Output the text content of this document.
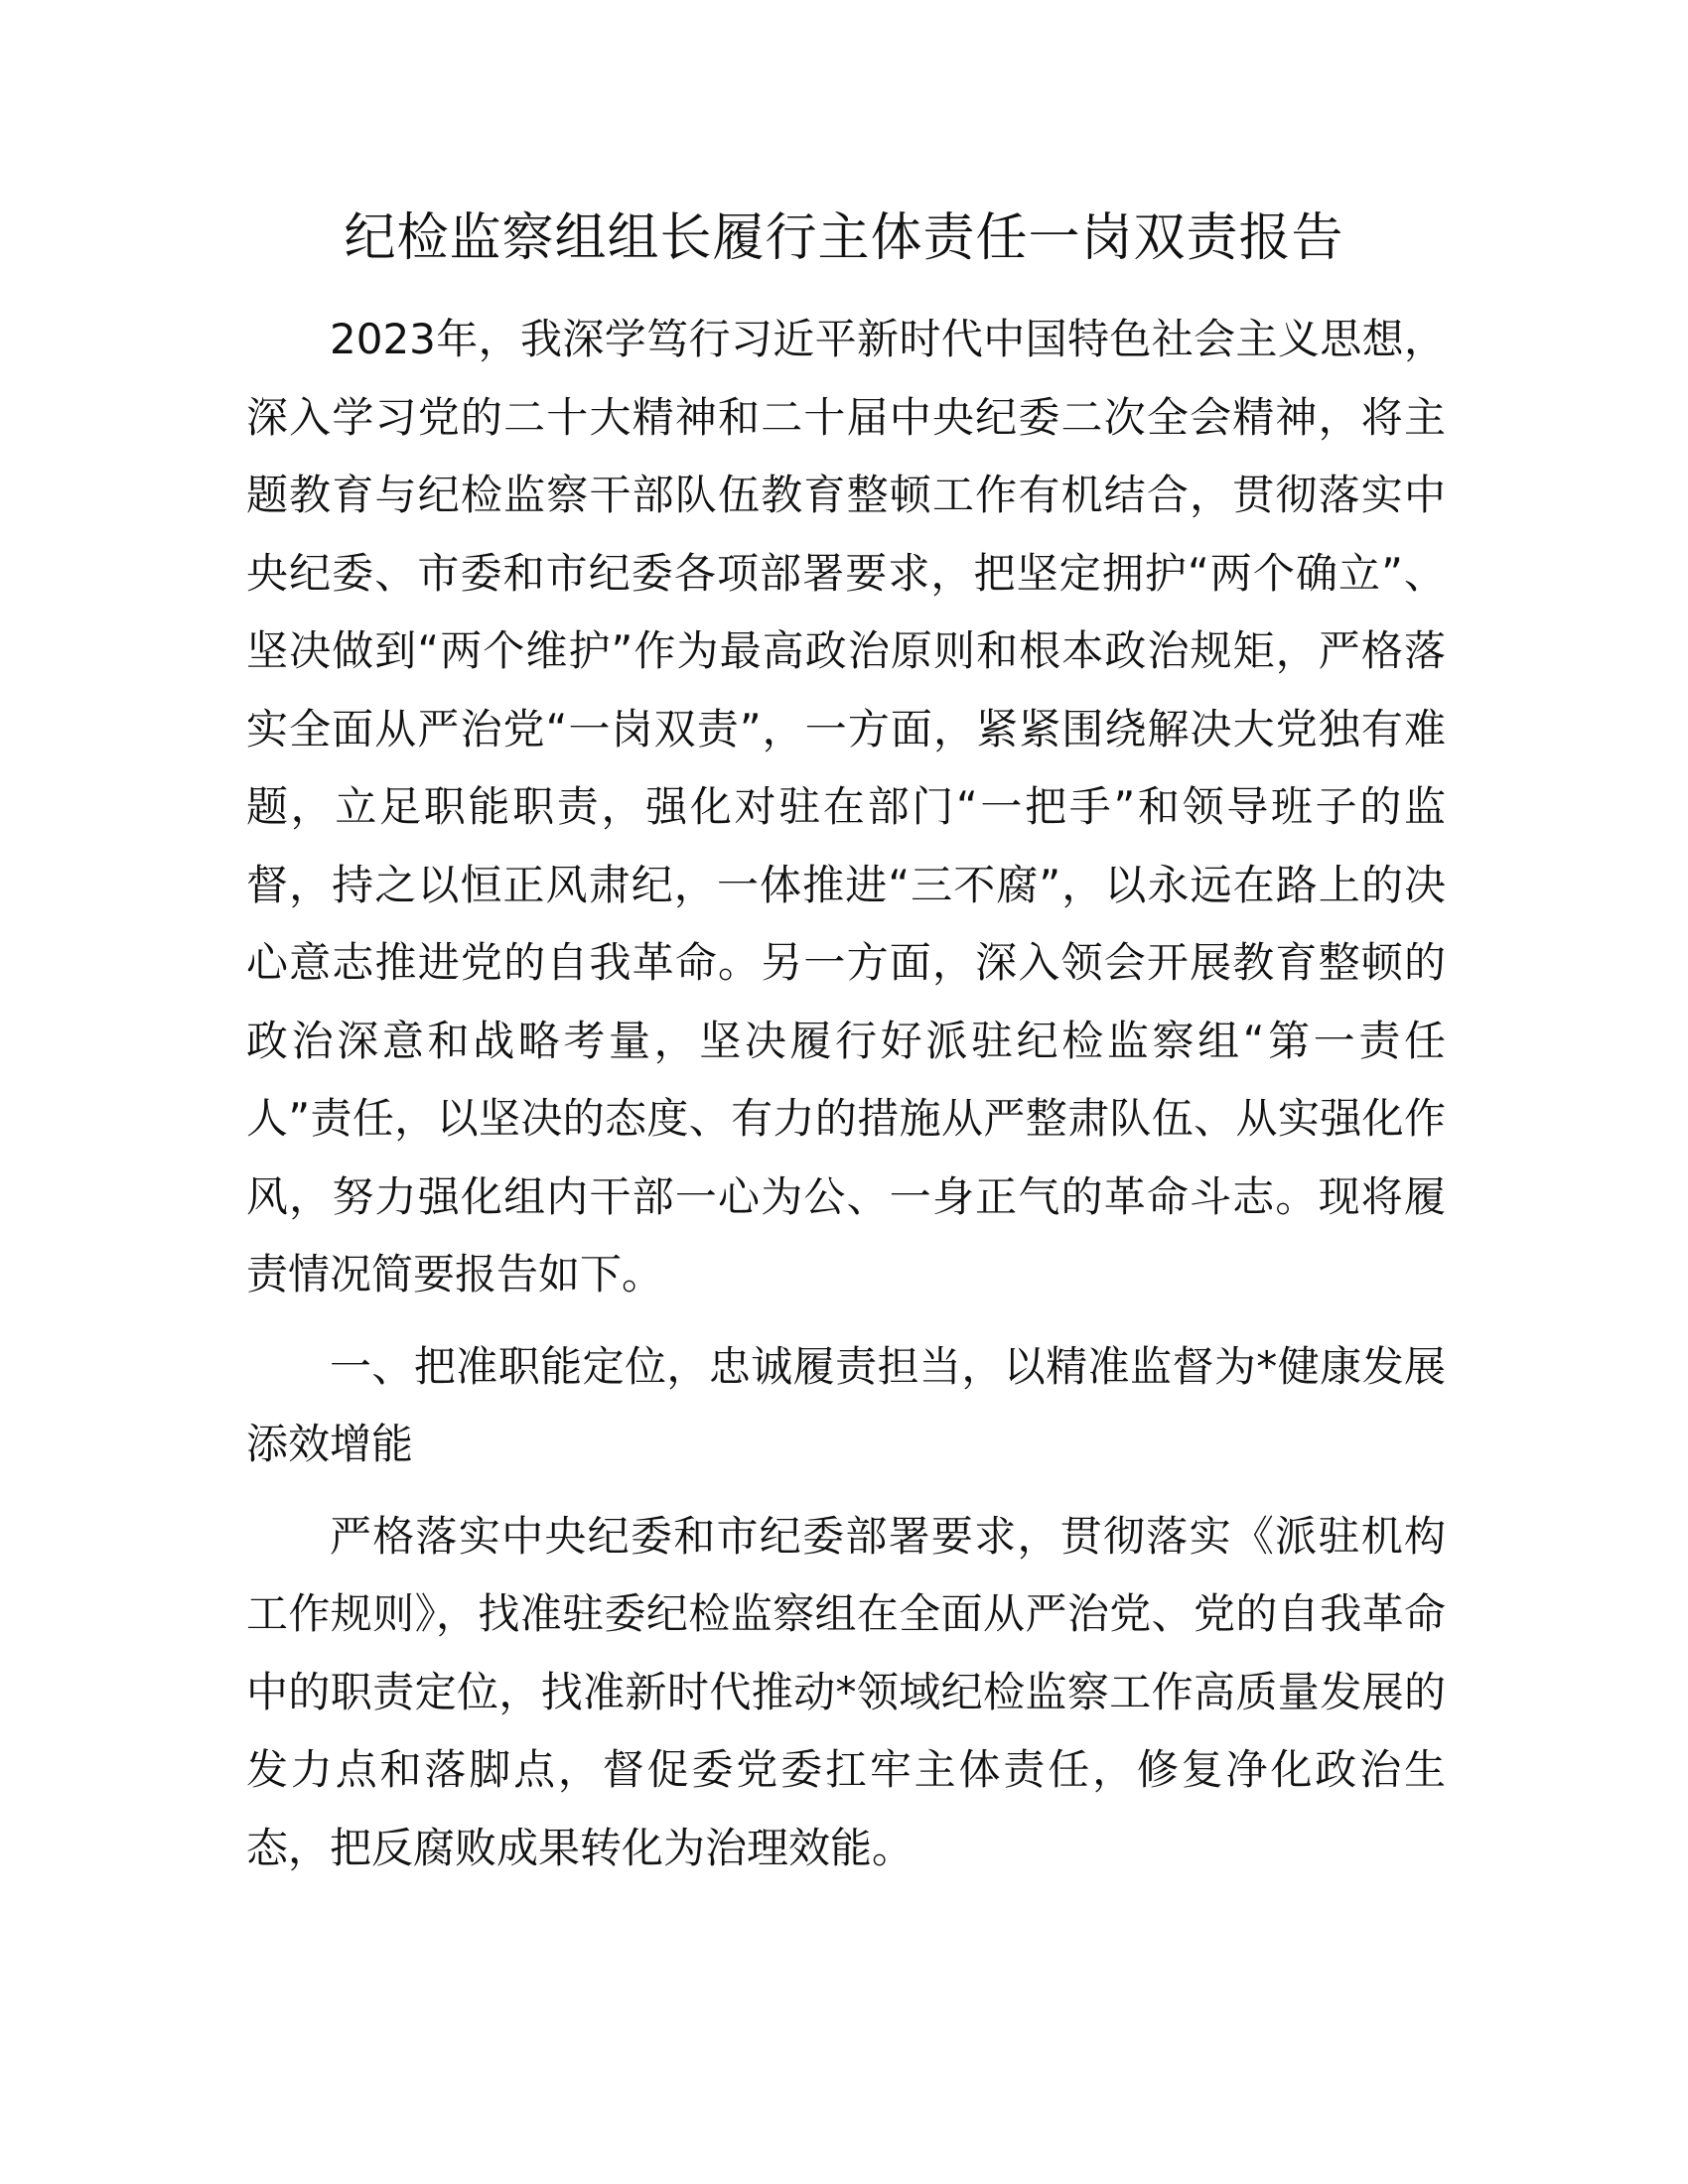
纪检监察组组长履行主体责任一岗双责报告

2023年，我深学笃行习近平新时代中国特色社会主义思想，深入学习党的二十大精神和二十届中央纪委二次全会精神，将主题教育与纪检监察干部队伍教育整顿工作有机结合，贯彻落实中央纪委、市委和市纪委各项部署要求，把坚定拥护“两个确立”、坚决做到“两个维护”作为最高政治原则和根本政治规矩，严格落实全面从严治党“一岗双责”，一方面，紧紧围绕解决大党独有难题，立足职能职责，强化对驻在部门“一把手”和领导班子的监督，持之以恒正风肃纪，一体推进“三不腐”，以永远在路上的决心意志推进党的自我革命。另一方面，深入领会开展教育整顿的政治深意和战略考量，坚决履行好派驻纪检监察组“第一责任人”责任，以坚决的态度、有力的措施从严整肃队伍、从实强化作风，努力强化组内干部一心为公、一身正气的革命斗志。现将履责情况简要报告如下。

一、把准职能定位，忠诚履责担当，以精准监督为*健康发展添效增能

严格落实中央纪委和市纪委部署要求，贯彻落实《派驻机构工作规则》，找准驻委纪检监察组在全面从严治党、党的自我革命中的职责定位，找准新时代推动*领域纪检监察工作高质量发展的发力点和落脚点，督促委党委扛牢主体责任，修复净化政治生态，把反腐败成果转化为治理效能。
